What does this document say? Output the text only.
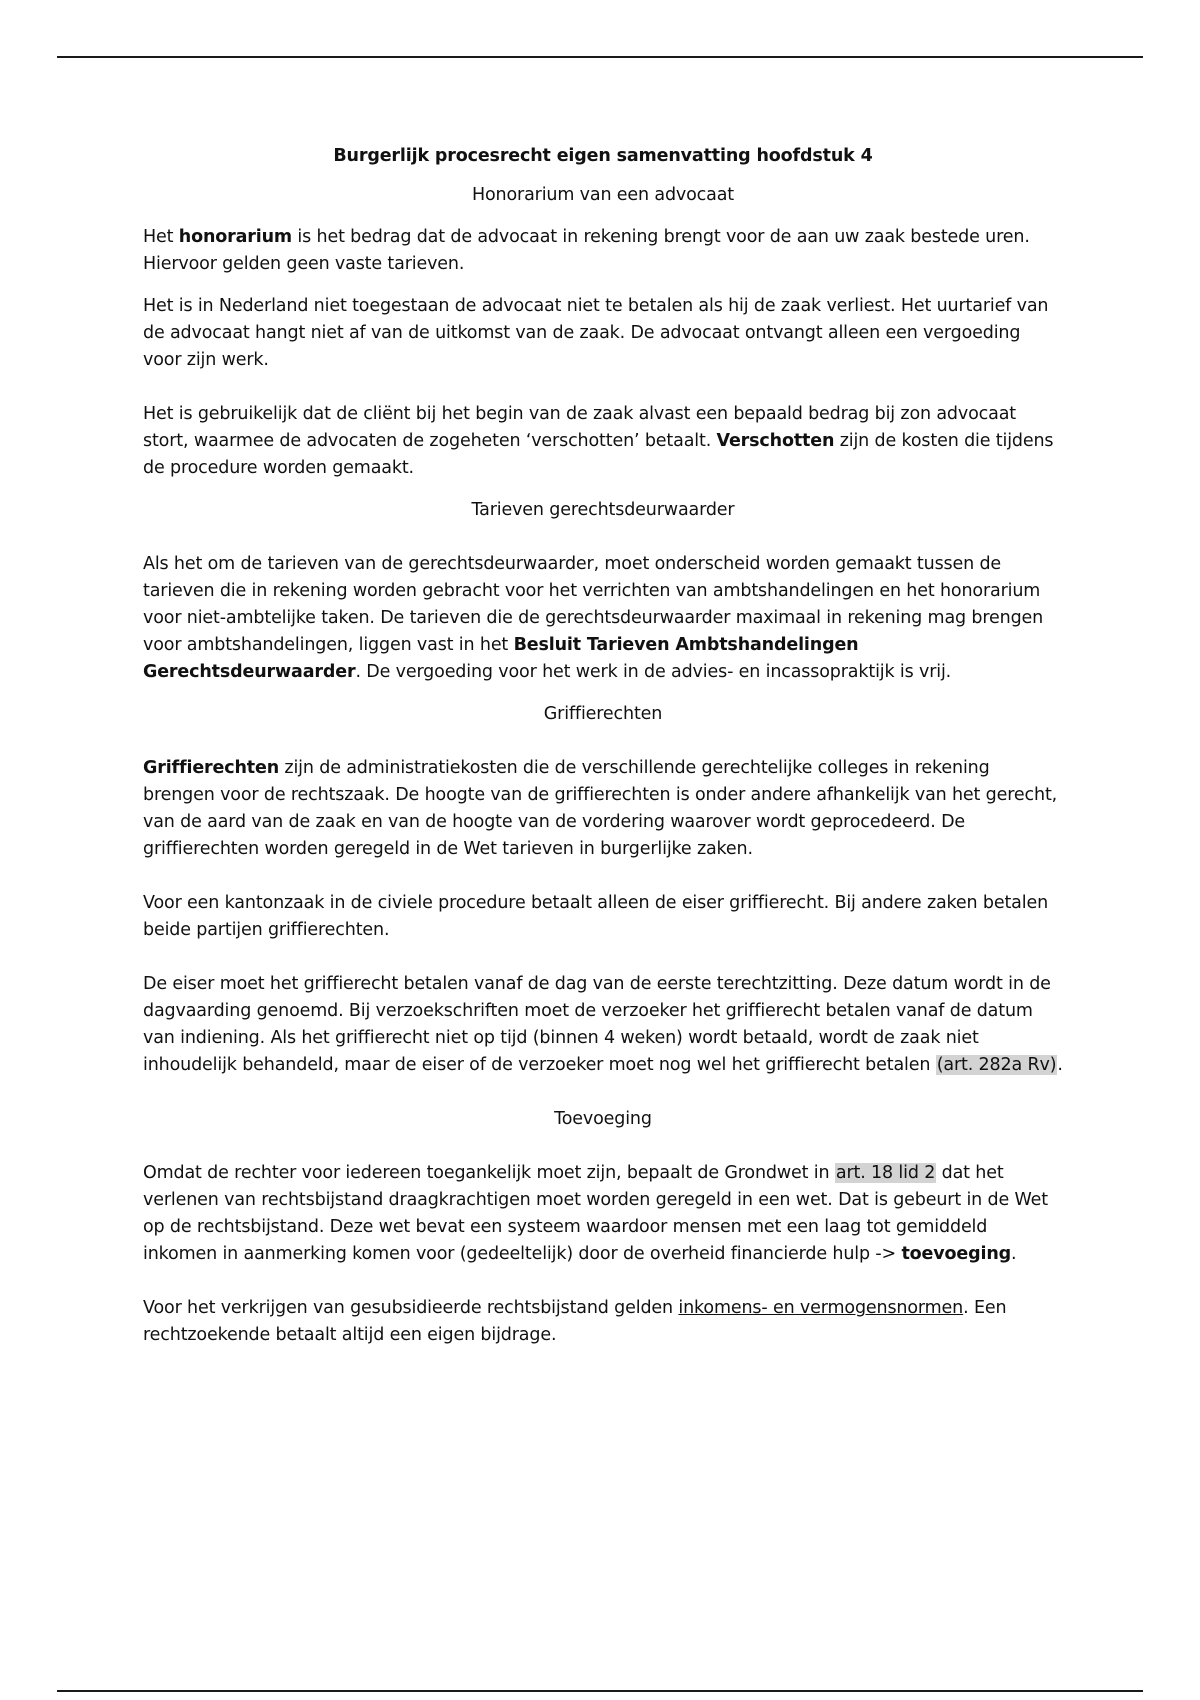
Burgerlijk procesrecht eigen samenvatting hoofdstuk 4
Honorarium van een advocaat

Het honorarium is het bedrag dat de advocaat in rekening brengt voor de aan uw zaak bestede uren. Hiervoor gelden geen vaste tarieven.

Het is in Nederland niet toegestaan de advocaat niet te betalen als hij de zaak verliest. Het uurtarief van de advocaat hangt niet af van de uitkomst van de zaak. De advocaat ontvangt alleen een vergoeding voor zijn werk.

Het is gebruikelijk dat de cliënt bij het begin van de zaak alvast een bepaald bedrag bij zon advocaat stort, waarmee de advocaten de zogeheten ‘verschotten’ betaalt. Verschotten zijn de kosten die tijdens de procedure worden gemaakt.

Tarieven gerechtsdeurwaarder

Als het om de tarieven van de gerechtsdeurwaarder, moet onderscheid worden gemaakt tussen de tarieven die in rekening worden gebracht voor het verrichten van ambtshandelingen en het honorarium voor niet-ambtelijke taken. De tarieven die de gerechtsdeurwaarder maximaal in rekening mag brengen voor ambtshandelingen, liggen vast in het Besluit Tarieven Ambtshandelingen Gerechtsdeurwaarder. De vergoeding voor het werk in de advies- en incassopraktijk is vrij.

Griffierechten

Griffierechten zijn de administratiekosten die de verschillende gerechtelijke colleges in rekening brengen voor de rechtszaak. De hoogte van de griffierechten is onder andere afhankelijk van het gerecht, van de aard van de zaak en van de hoogte van de vordering waarover wordt geprocedeerd. De griffierechten worden geregeld in de Wet tarieven in burgerlijke zaken.

Voor een kantonzaak in de civiele procedure betaalt alleen de eiser griffierecht. Bij andere zaken betalen beide partijen griffierechten.

De eiser moet het griffierecht betalen vanaf de dag van de eerste terechtzitting. Deze datum wordt in de dagvaarding genoemd. Bij verzoekschriften moet de verzoeker het griffierecht betalen vanaf de datum van indiening. Als het griffierecht niet op tijd (binnen 4 weken) wordt betaald, wordt de zaak niet inhoudelijk behandeld, maar de eiser of de verzoeker moet nog wel het griffierecht betalen (art. 282a Rv).

Toevoeging

Omdat de rechter voor iedereen toegankelijk moet zijn, bepaalt de Grondwet in art. 18 lid 2 dat het verlenen van rechtsbijstand draagkrachtigen moet worden geregeld in een wet. Dat is gebeurt in de Wet op de rechtsbijstand. Deze wet bevat een systeem waardoor mensen met een laag tot gemiddeld inkomen in aanmerking komen voor (gedeeltelijk) door de overheid financierde hulp -> toevoeging.

Voor het verkrijgen van gesubsidieerde rechtsbijstand gelden inkomens- en vermogensnormen. Een rechtzoekende betaalt altijd een eigen bijdrage.
